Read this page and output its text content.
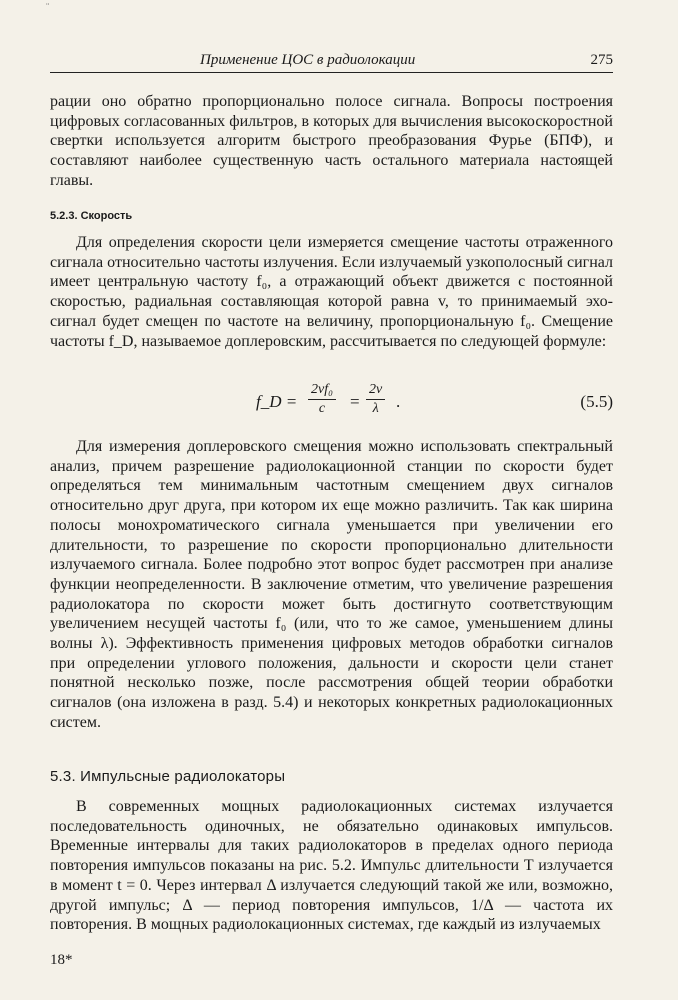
¨
Применение ЦОС в радиолокации	275

рации оно обратно пропорционально полосе сигнала. Вопросы построения цифровых согласованных фильтров, в которых для вычисления высокоскоростной свертки используется алгоритм быстрого преобразования Фурье (БПФ), и составляют наиболее существенную часть остального материала настоящей главы.

5.2.3. Скорость

Для определения скорости цели измеряется смещение частоты отраженного сигнала относительно частоты излучения. Если излучаемый узкополосный сигнал имеет центральную частоту f₀, а отражающий объект движется с постоянной скоростью, радиальная составляющая которой равна v, то принимаемый эхо-сигнал будет смещен по частоте на величину, пропорциональную f₀. Смещение частоты f_D, называемое доплеровским, рассчитывается по следующей формуле:

f_D = $\frac{\text{2vf₀}}{c} = \frac{2v}{\lambda}$ .	(5.5)

Для измерения доплеровского смещения можно использовать спектральный анализ, причем разрешение радиолокационной станции по скорости будет определяться тем минимальным частотным смещением двух сигналов относительно друг друга, при котором их еще можно различить. Так как ширина полосы монохроматического сигнала уменьшается при увеличении его длительности, то разрешение по скорости пропорционально длительности излучаемого сигнала. Более подробно этот вопрос будет рассмотрен при анализе функции неопределенности. В заключение отметим, что увеличение разрешения радиолокатора по скорости может быть достигнуто соответствующим увеличением несущей частоты f₀ (или, что то же самое, уменьшением длины волны λ). Эффективность применения цифровых методов обработки сигналов при определении углового положения, дальности и скорости цели станет понятной несколько позже, после рассмотрения общей теории обработки сигналов (она изложена в разд. 5.4) и некоторых конкретных радиолокационных систем.

5.3. Импульсные радиолокаторы

В современных мощных радиолокационных системах излучается последовательность одиночных, не обязательно одинаковых импульсов. Временные интервалы для таких радиолокаторов в пределах одного периода повторения импульсов показаны на рис. 5.2. Импульс длительности T излучается в момент t = 0. Через интервал Δ излучается следующий такой же или, возможно, другой импульс; Δ — период повторения импульсов, 1/Δ — частота их повторения. В мощных радиолокационных системах, где каждый из излучаемых

18*
